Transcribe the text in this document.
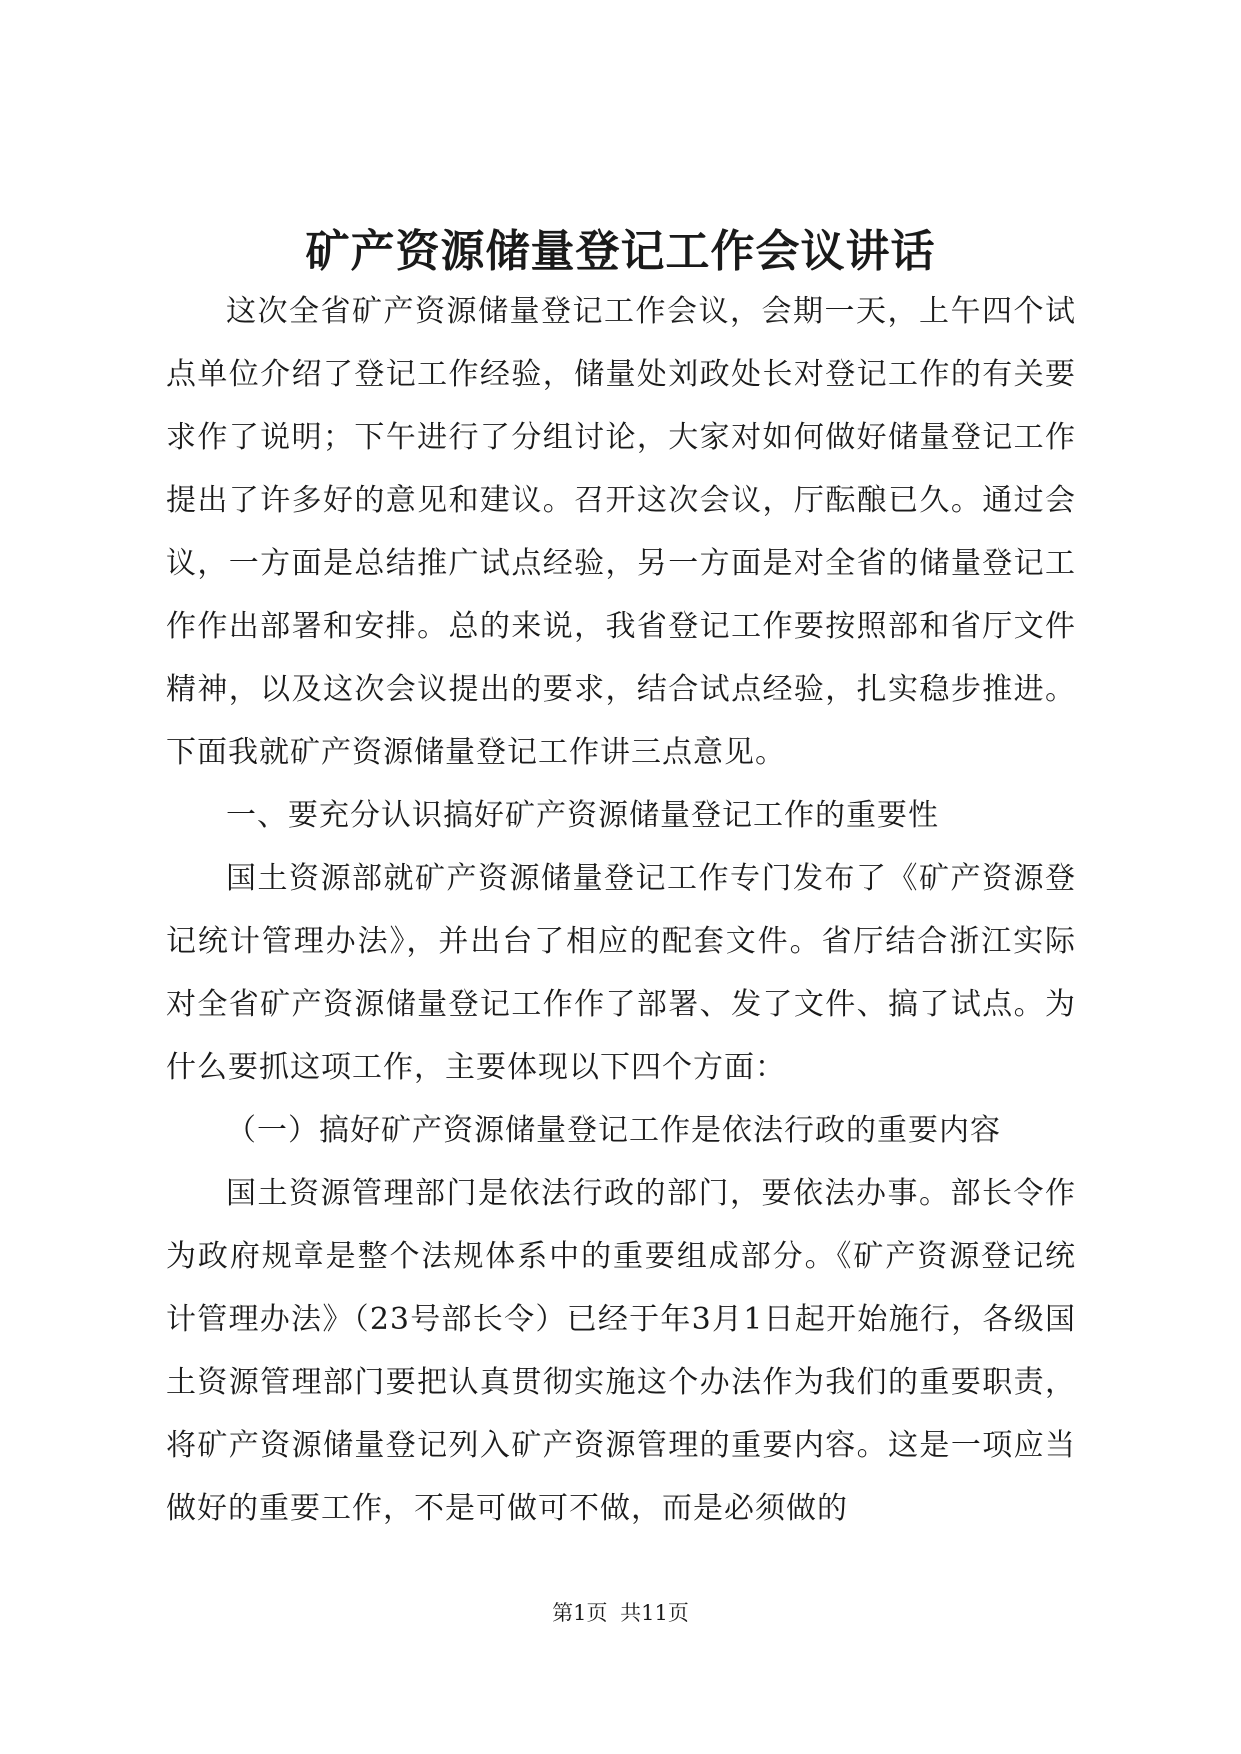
矿产资源储量登记工作会议讲话

这次全省矿产资源储量登记工作会议，会期一天，上午四个试点单位介绍了登记工作经验，储量处刘政处长对登记工作的有关要求作了说明；下午进行了分组讨论，大家对如何做好储量登记工作提出了许多好的意见和建议。召开这次会议，厅酝酿已久。通过会议，一方面是总结推广试点经验，另一方面是对全省的储量登记工作作出部署和安排。总的来说，我省登记工作要按照部和省厅文件精神，以及这次会议提出的要求，结合试点经验，扎实稳步推进。下面我就矿产资源储量登记工作讲三点意见。

一、要充分认识搞好矿产资源储量登记工作的重要性

国土资源部就矿产资源储量登记工作专门发布了《矿产资源登记统计管理办法》，并出台了相应的配套文件。省厅结合浙江实际对全省矿产资源储量登记工作作了部署、发了文件、搞了试点。为什么要抓这项工作，主要体现以下四个方面：

（一）搞好矿产资源储量登记工作是依法行政的重要内容

国土资源管理部门是依法行政的部门，要依法办事。部长令作为政府规章是整个法规体系中的重要组成部分。《矿产资源登记统计管理办法》（23号部长令）已经于年3月1日起开始施行，各级国土资源管理部门要把认真贯彻实施这个办法作为我们的重要职责，将矿产资源储量登记列入矿产资源管理的重要内容。这是一项应当做好的重要工作，不是可做可不做，而是必须做的

第1页 共11页
